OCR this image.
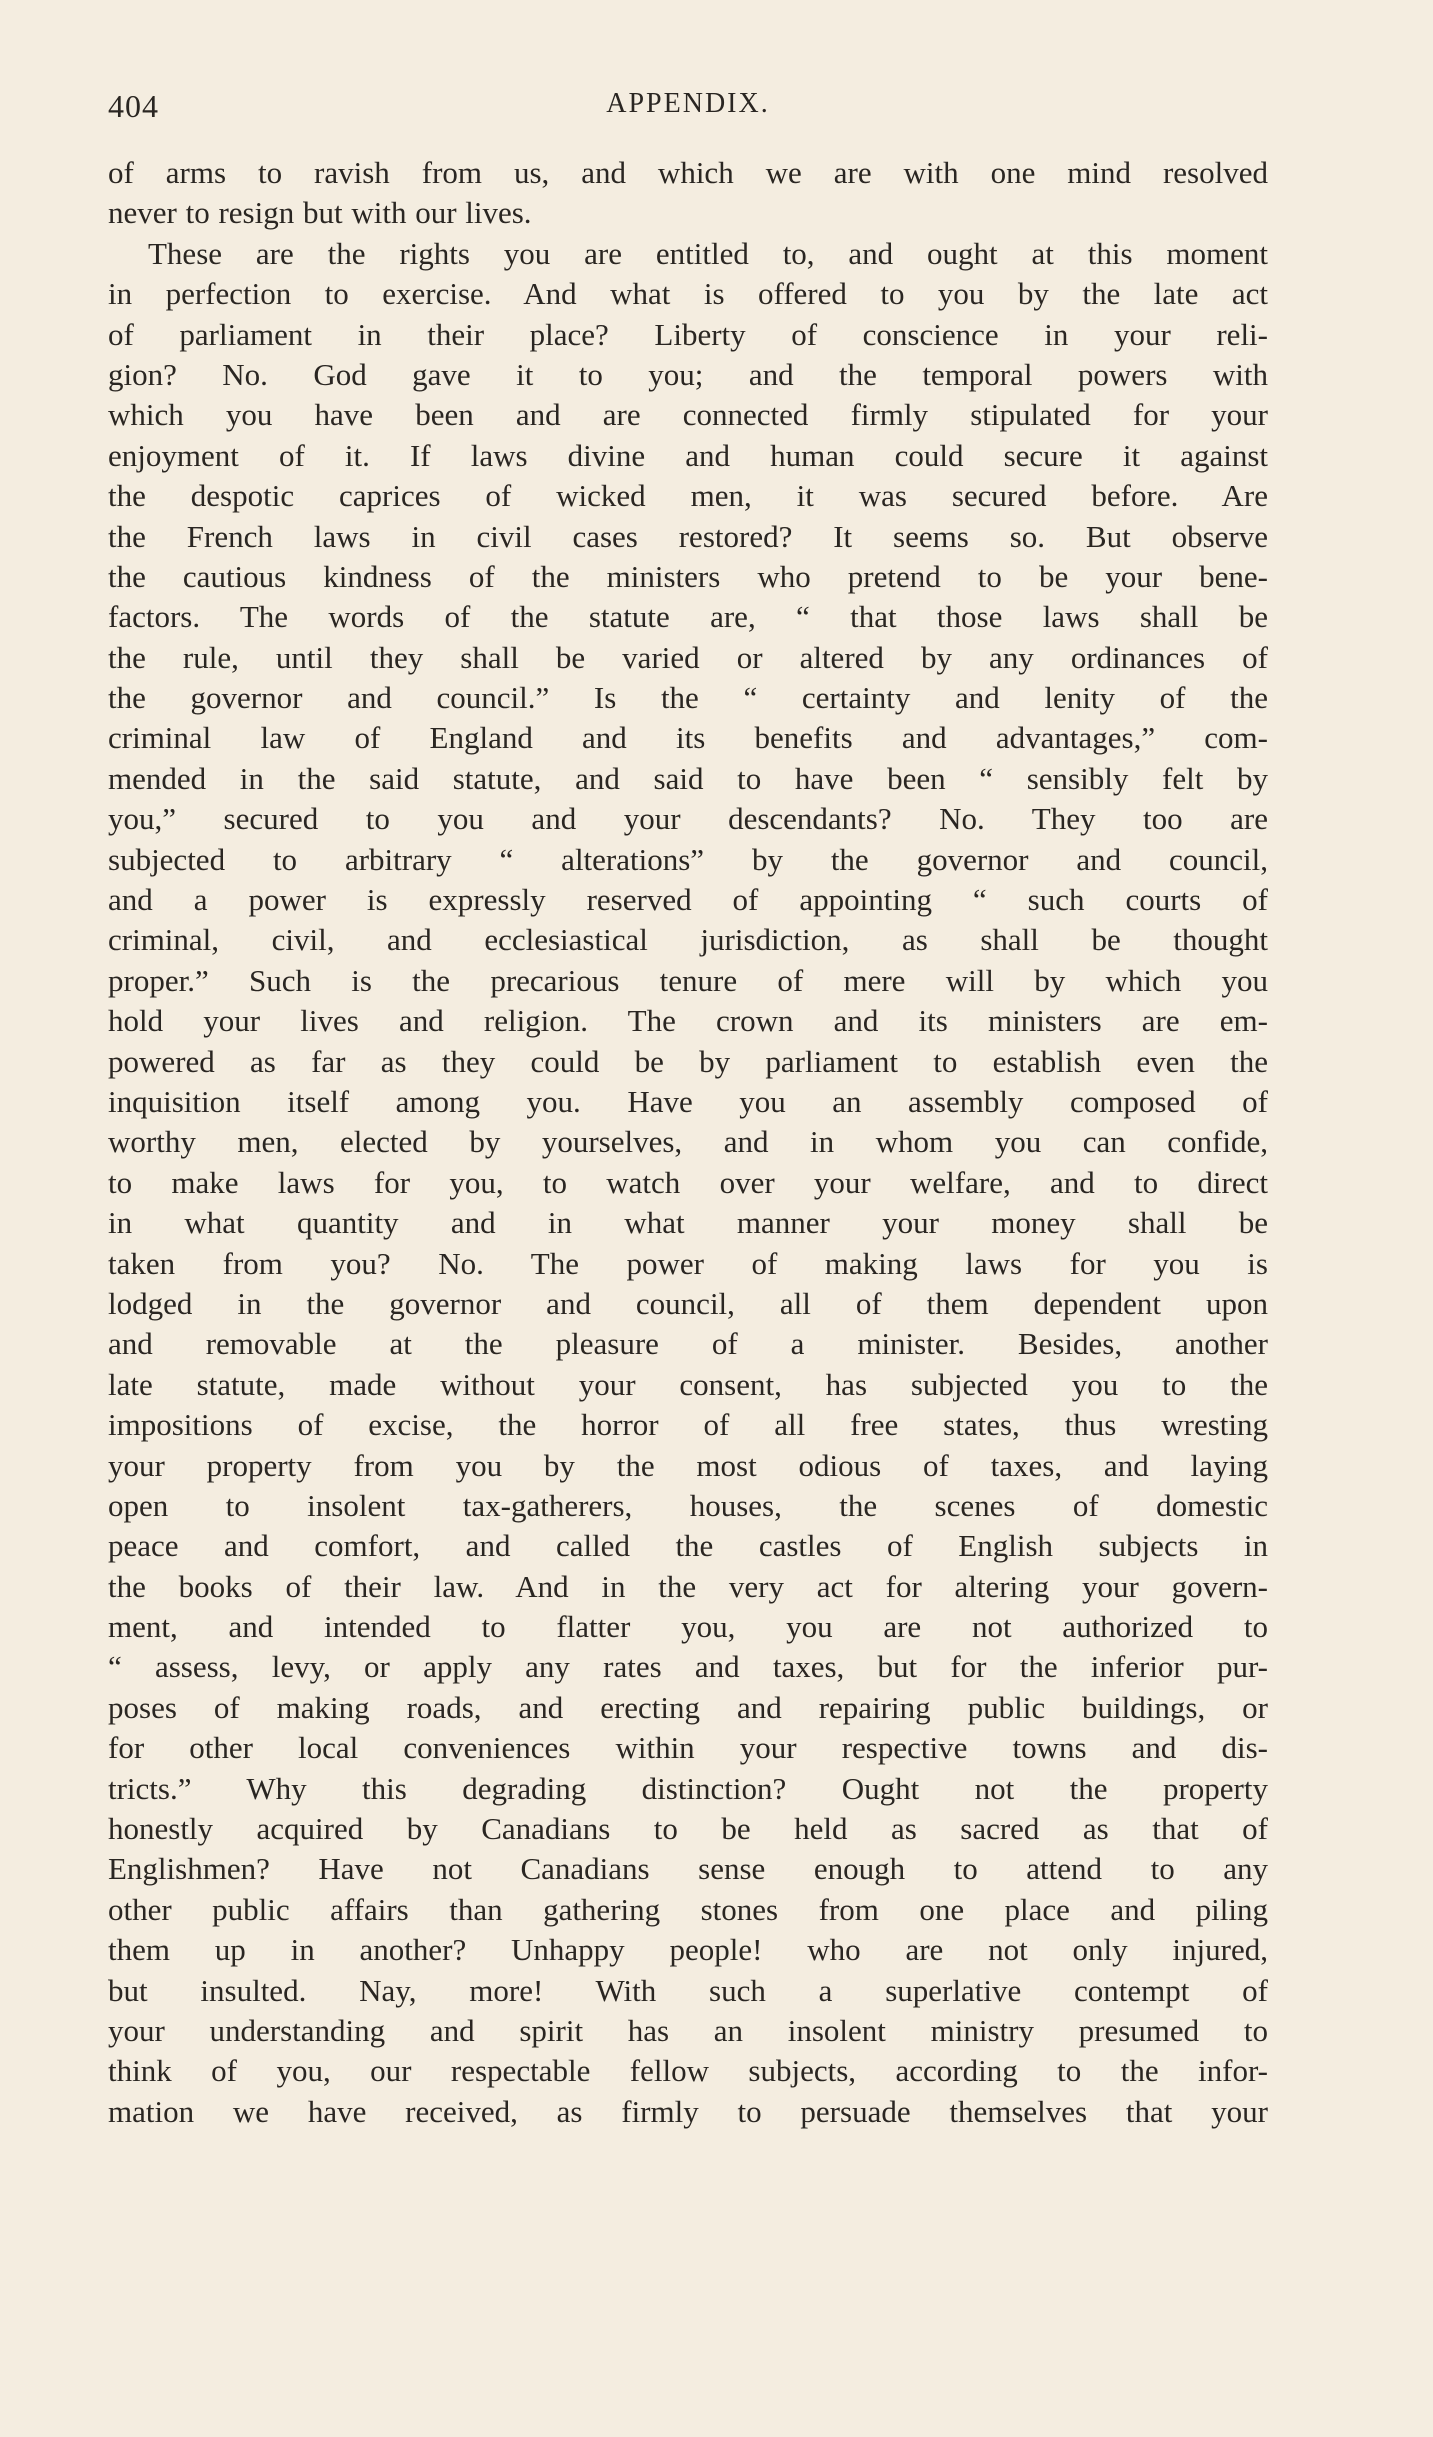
404	APPENDIX.
of arms to ravish from us, and which we are with one mind resolved
never to resign but with our lives.
These are the rights you are entitled to, and ought at this moment
in perfection to exercise. And what is offered to you by the late act
of parliament in their place? Liberty of conscience in your reli-
gion? No. God gave it to you; and the temporal powers with
which you have been and are connected firmly stipulated for your
enjoyment of it. If laws divine and human could secure it against
the despotic caprices of wicked men, it was secured before. Are
the French laws in civil cases restored? It seems so. But observe
the cautious kindness of the ministers who pretend to be your bene-
factors. The words of the statute are, “ that those laws shall be
the rule, until they shall be varied or altered by any ordinances of
the governor and council.” Is the “ certainty and lenity of the
criminal law of England and its benefits and advantages,” com-
mended in the said statute, and said to have been “ sensibly felt by
you,” secured to you and your descendants? No. They too are
subjected to arbitrary “ alterations” by the governor and council,
and a power is expressly reserved of appointing “ such courts of
criminal, civil, and ecclesiastical jurisdiction, as shall be thought
proper.” Such is the precarious tenure of mere will by which you
hold your lives and religion. The crown and its ministers are em-
powered as far as they could be by parliament to establish even the
inquisition itself among you. Have you an assembly composed of
worthy men, elected by yourselves, and in whom you can confide,
to make laws for you, to watch over your welfare, and to direct
in what quantity and in what manner your money shall be
taken from you? No. The power of making laws for you is
lodged in the governor and council, all of them dependent upon
and removable at the pleasure of a minister. Besides, another
late statute, made without your consent, has subjected you to the
impositions of excise, the horror of all free states, thus wresting
your property from you by the most odious of taxes, and laying
open to insolent tax-gatherers, houses, the scenes of domestic
peace and comfort, and called the castles of English subjects in
the books of their law. And in the very act for altering your govern-
ment, and intended to flatter you, you are not authorized to
“ assess, levy, or apply any rates and taxes, but for the inferior pur-
poses of making roads, and erecting and repairing public buildings, or
for other local conveniences within your respective towns and dis-
tricts.” Why this degrading distinction? Ought not the property
honestly acquired by Canadians to be held as sacred as that of
Englishmen? Have not Canadians sense enough to attend to any
other public affairs than gathering stones from one place and piling
them up in another? Unhappy people! who are not only injured,
but insulted. Nay, more! With such a superlative contempt of
your understanding and spirit has an insolent ministry presumed to
think of you, our respectable fellow subjects, according to the infor-
mation we have received, as firmly to persuade themselves that your
